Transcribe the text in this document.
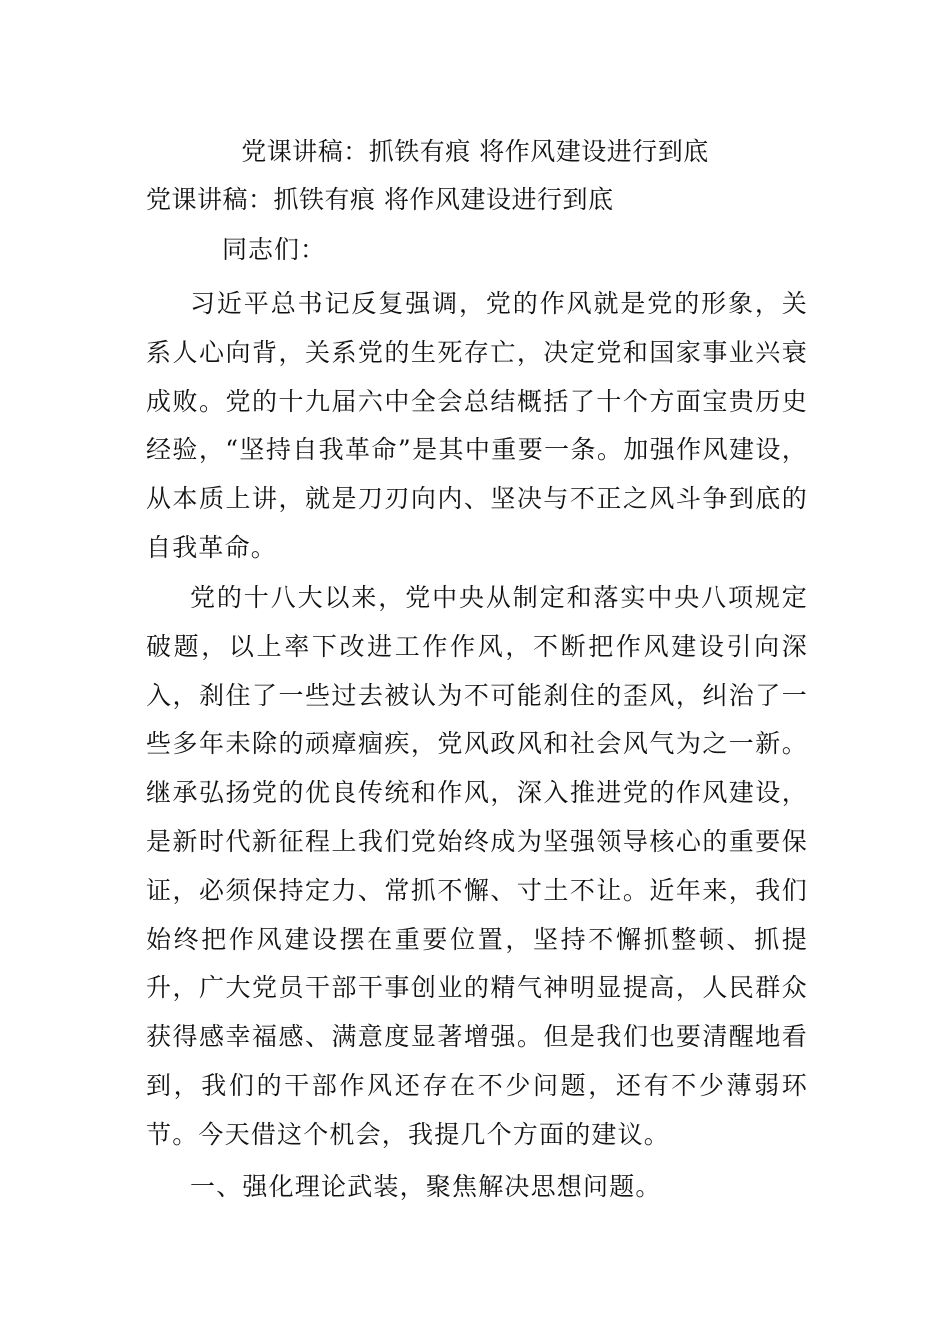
党课讲稿：抓铁有痕 将作风建设进行到底
党课讲稿：抓铁有痕 将作风建设进行到底
同志们：

习近平总书记反复强调，党的作风就是党的形象，关系人心向背，关系党的生死存亡，决定党和国家事业兴衰成败。党的十九届六中全会总结概括了十个方面宝贵历史经验，“坚持自我革命”是其中重要一条。加强作风建设，从本质上讲，就是刀刃向内、坚决与不正之风斗争到底的自我革命。

党的十八大以来，党中央从制定和落实中央八项规定破题，以上率下改进工作作风，不断把作风建设引向深入，刹住了一些过去被认为不可能刹住的歪风，纠治了一些多年未除的顽瘴痼疾，党风政风和社会风气为之一新。继承弘扬党的优良传统和作风，深入推进党的作风建设，是新时代新征程上我们党始终成为坚强领导核心的重要保证，必须保持定力、常抓不懈、寸土不让。近年来，我们始终把作风建设摆在重要位置，坚持不懈抓整顿、抓提升，广大党员干部干事创业的精气神明显提高，人民群众获得感幸福感、满意度显著增强。但是我们也要清醒地看到，我们的干部作风还存在不少问题，还有不少薄弱环节。今天借这个机会，我提几个方面的建议。

一、强化理论武装，聚焦解决思想问题。
